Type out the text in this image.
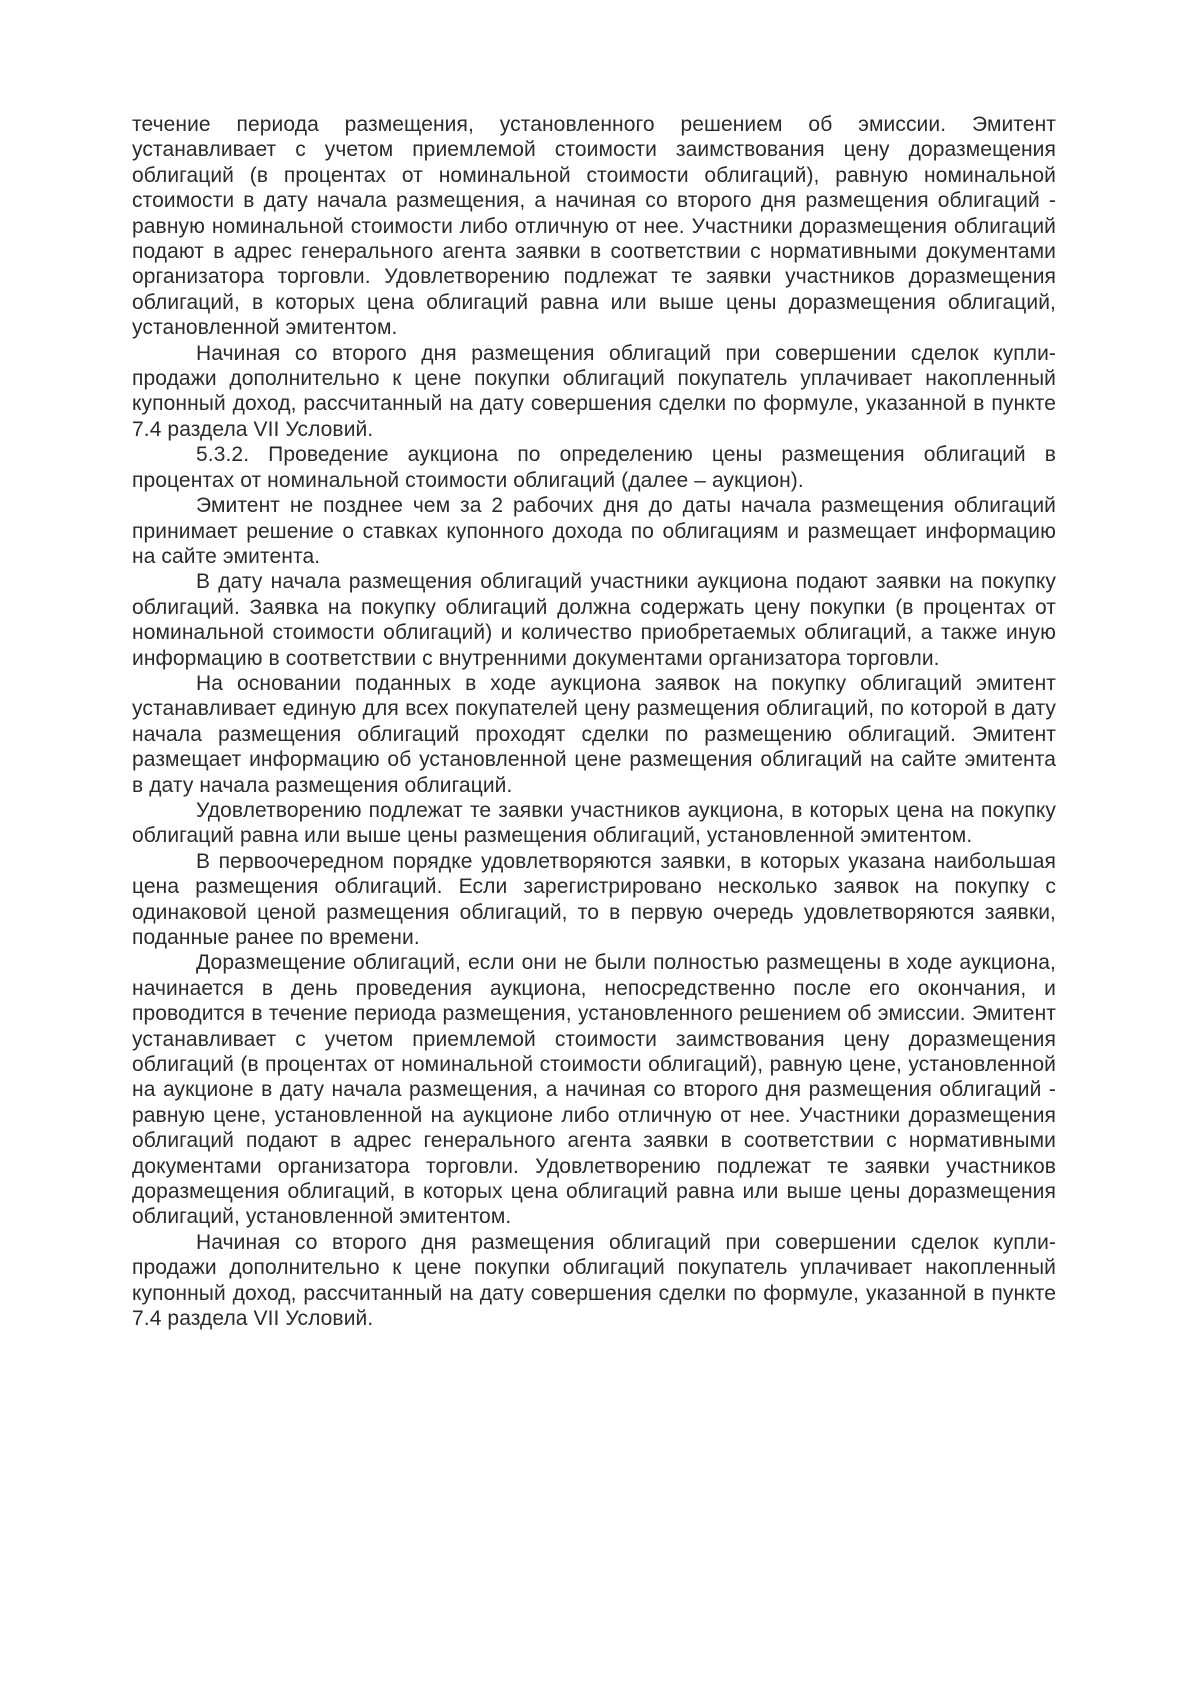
течение периода размещения, установленного решением об эмиссии. Эмитент устанавливает с учетом приемлемой стоимости заимствования цену доразмещения облигаций (в процентах от номинальной стоимости облигаций), равную номинальной стоимости в дату начала размещения, а начиная со второго дня размещения облигаций - равную номинальной стоимости либо отличную от нее. Участники доразмещения облигаций подают в адрес генерального агента заявки в соответствии с нормативными документами организатора торговли. Удовлетворению подлежат те заявки участников доразмещения облигаций, в которых цена облигаций равна или выше цены доразмещения облигаций, установленной эмитентом.

Начиная со второго дня размещения облигаций при совершении сделок купли-продажи дополнительно к цене покупки облигаций покупатель уплачивает накопленный купонный доход, рассчитанный на дату совершения сделки по формуле, указанной в пункте 7.4 раздела VII Условий.

5.3.2. Проведение аукциона по определению цены размещения облигаций в процентах от номинальной стоимости облигаций (далее – аукцион).

Эмитент не позднее чем за 2 рабочих дня до даты начала размещения облигаций принимает решение о ставках купонного дохода по облигациям и размещает информацию на сайте эмитента.

В дату начала размещения облигаций участники аукциона подают заявки на покупку облигаций. Заявка на покупку облигаций должна содержать цену покупки (в процентах от номинальной стоимости облигаций) и количество приобретаемых облигаций, а также иную информацию в соответствии с внутренними документами организатора торговли.

На основании поданных в ходе аукциона заявок на покупку облигаций эмитент устанавливает единую для всех покупателей цену размещения облигаций, по которой в дату начала размещения облигаций проходят сделки по размещению облигаций. Эмитент размещает информацию об установленной цене размещения облигаций на сайте эмитента в дату начала размещения облигаций.

Удовлетворению подлежат те заявки участников аукциона, в которых цена на покупку облигаций равна или выше цены размещения облигаций, установленной эмитентом.

В первоочередном порядке удовлетворяются заявки, в которых указана наибольшая цена размещения облигаций. Если зарегистрировано несколько заявок на покупку с одинаковой ценой размещения облигаций, то в первую очередь удовлетворяются заявки, поданные ранее по времени.

Доразмещение облигаций, если они не были полностью размещены в ходе аукциона, начинается в день проведения аукциона, непосредственно после его окончания, и проводится в течение периода размещения, установленного решением об эмиссии. Эмитент устанавливает с учетом приемлемой стоимости заимствования цену доразмещения облигаций (в процентах от номинальной стоимости облигаций), равную цене, установленной на аукционе в дату начала размещения, а начиная со второго дня размещения облигаций - равную цене, установленной на аукционе либо отличную от нее. Участники доразмещения облигаций подают в адрес генерального агента заявки в соответствии с нормативными документами организатора торговли. Удовлетворению подлежат те заявки участников доразмещения облигаций, в которых цена облигаций равна или выше цены доразмещения облигаций, установленной эмитентом.

Начиная со второго дня размещения облигаций при совершении сделок купли-продажи дополнительно к цене покупки облигаций покупатель уплачивает накопленный купонный доход, рассчитанный на дату совершения сделки по формуле, указанной в пункте 7.4 раздела VII Условий.
